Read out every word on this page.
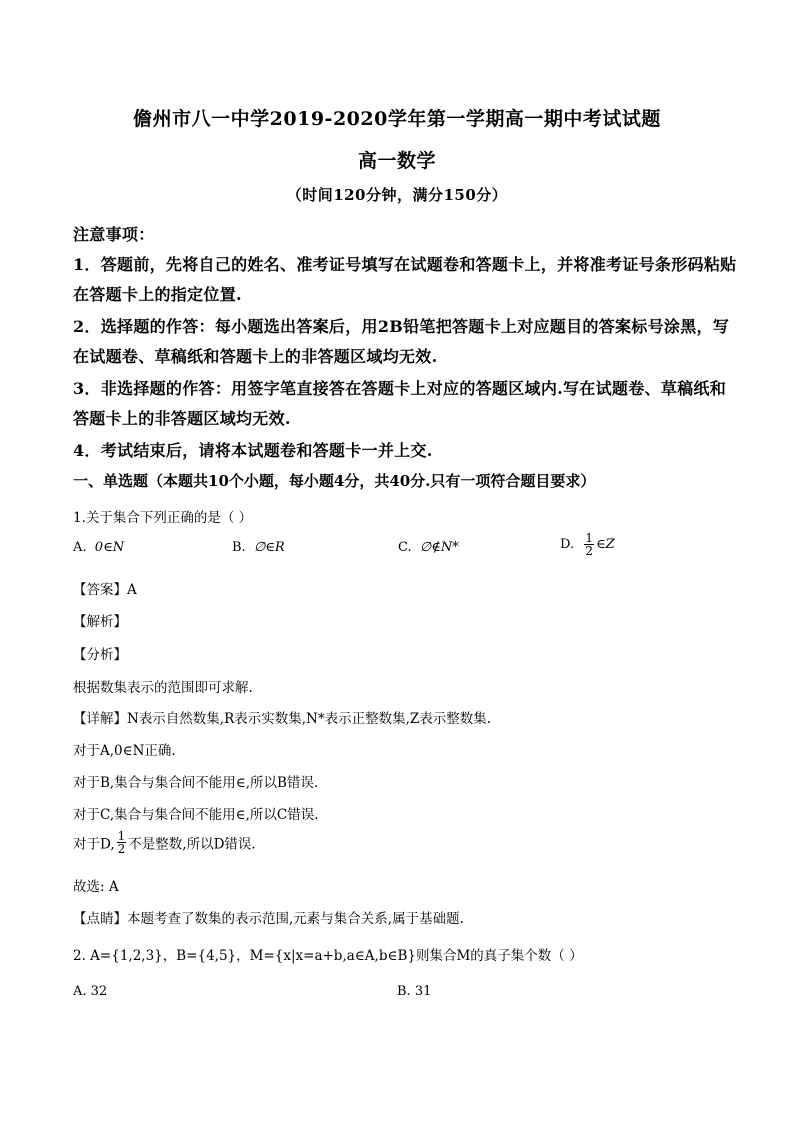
儋州市八一中学2019-2020学年第一学期高一期中考试试题
高一数学
（时间120分钟，满分150分）
注意事项：
1．答题前，先将自己的姓名、准考证号填写在试题卷和答题卡上，并将准考证号条形码粘贴
在答题卡上的指定位置.
2．选择题的作答：每小题选出答案后，用2B铅笔把答题卡上对应题目的答案标号涂黑，写
在试题卷、草稿纸和答题卡上的非答题区域均无效.
3．非选择题的作答：用签字笔直接答在答题卡上对应的答题区域内.写在试题卷、草稿纸和
答题卡上的非答题区域均无效.
4．考试结束后，请将本试题卷和答题卡一并上交.
一、单选题（本题共10个小题，每小题4分，共40分.只有一项符合题目要求）
1.关于集合下列正确的是（ ）
A. 0∈N	B. ∅∈R	C. ∅∉N*	D. $\frac{1}{2}$ ∈Z
【答案】A
【解析】
【分析】
根据数集表示的范围即可求解.
【详解】N表示自然数集,R表示实数集,N*表示正整数集,Z表示整数集.
对于A,0∈N正确.
对于B,集合与集合间不能用∈,所以B错误.
对于C,集合与集合间不能用∈,所以C错误.
对于D, $\frac{1}{2}$ 不是整数,所以D错误.
故选: A
【点睛】本题考查了数集的表示范围,元素与集合关系,属于基础题.
2. A={1,2,3}，B={4,5}，M={x|x=a+b,a∈A,b∈B}则集合M的真子集个数（ ）
A. 32	B. 31
